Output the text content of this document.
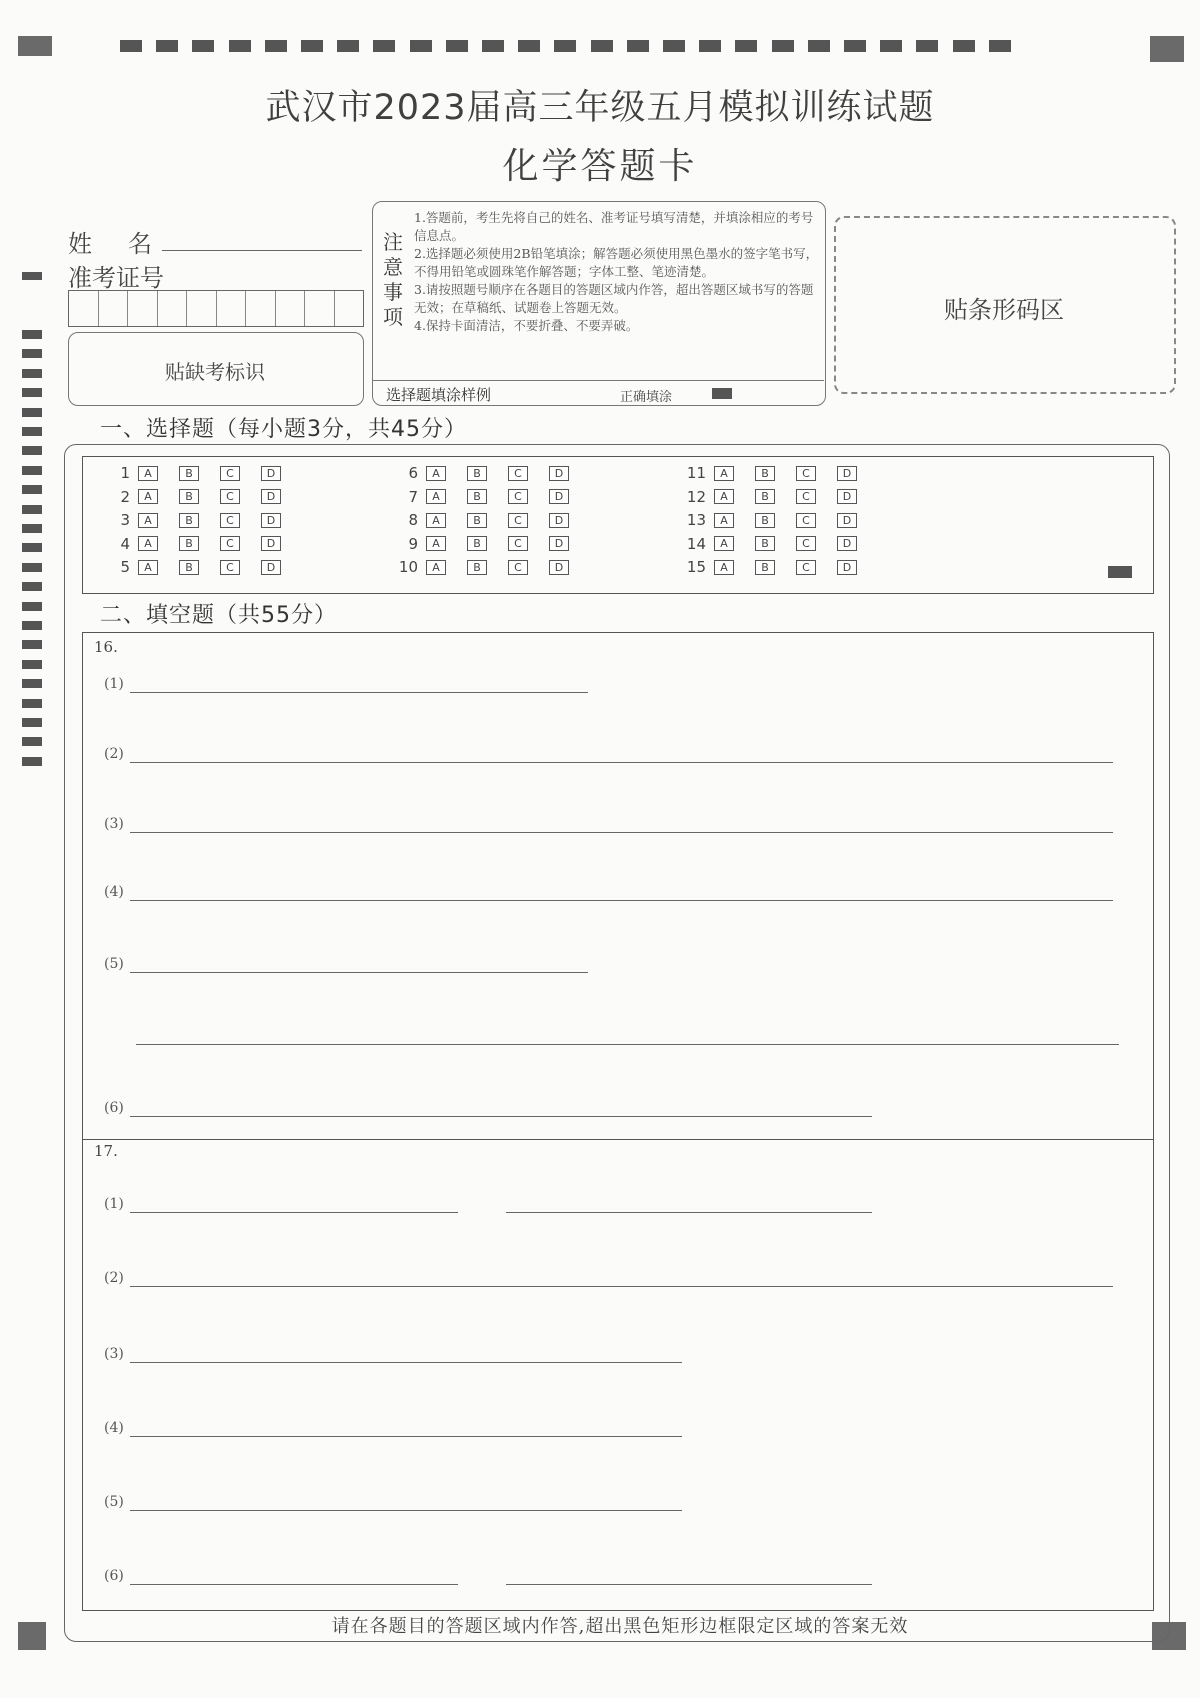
武汉市2023届高三年级五月模拟训练试题
化学答题卡
姓　名
准考证号
贴缺考标识
注意事项

1.答题前，考生先将自己的姓名、准考证号填写清楚，并填涂相应的考号信息点。

2.选择题必须使用2B铅笔填涂；解答题必须使用黑色墨水的签字笔书写，不得用铅笔或圆珠笔作解答题；字体工整、笔迹清楚。

3.请按照题号顺序在各题目的答题区域内作答，超出答题区域书写的答题无效；在草稿纸、试题卷上答题无效。

4.保持卡面清洁，不要折叠、不要弄破。

选择题填涂样例	正确填涂
贴条形码区
一、选择题（每小题3分，共45分）
1	A	B	C	D
2	A	B	C	D
3	A	B	C	D
4	A	B	C	D
5	A	B	C	D
6	A	B	C	D
7	A	B	C	D
8	A	B	C	D
9	A	B	C	D
10	A	B	C	D
11	A	B	C	D
12	A	B	C	D
13	A	B	C	D
14	A	B	C	D
15	A	B	C	D
二、填空题（共55分）
16.
17.
(1)
(2)
(3)
(4)
(5)
(6)
(1)
(2)
(3)
(4)
(5)
(6)
请在各题目的答题区域内作答,超出黑色矩形边框限定区域的答案无效
